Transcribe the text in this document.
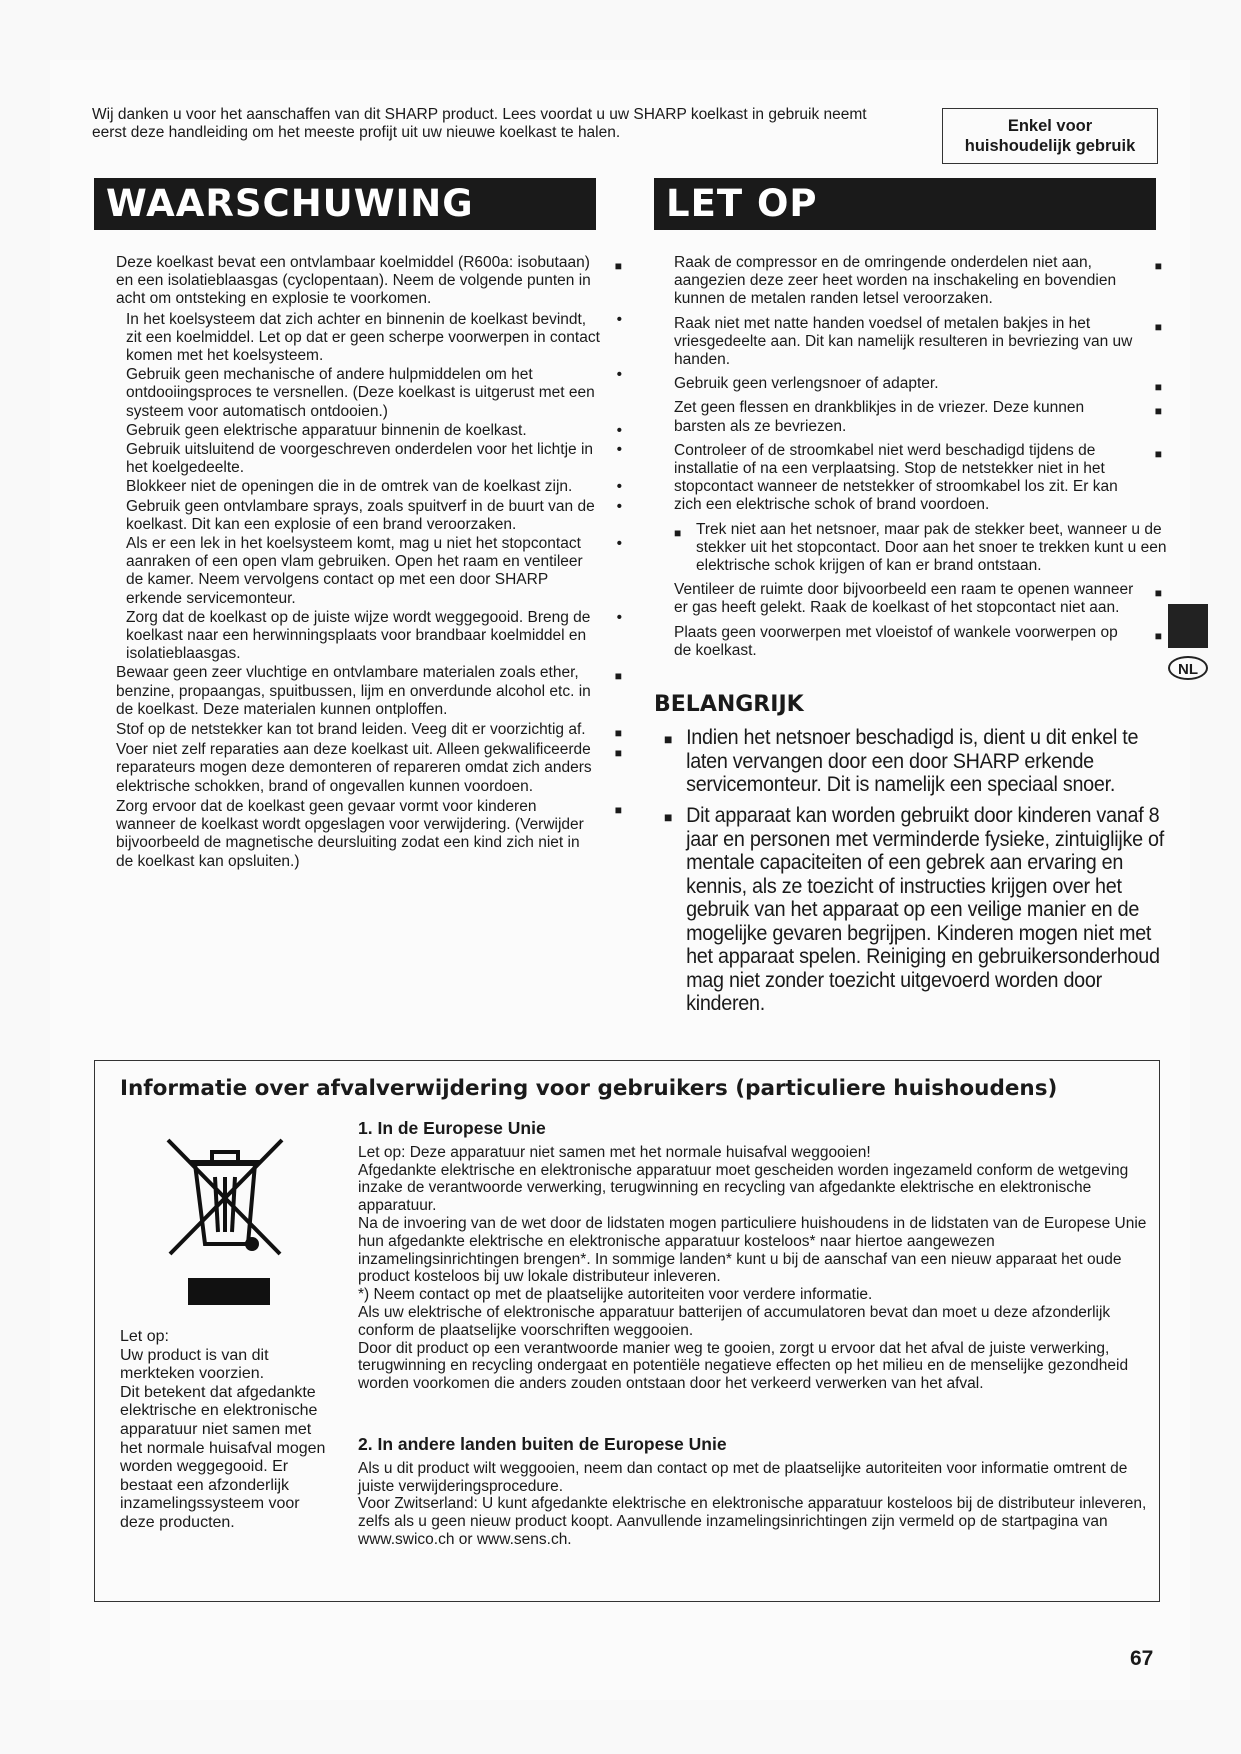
Wij danken u voor het aanschaffen van dit SHARP product. Lees voordat u uw SHARP koelkast in gebruik neemt eerst deze handleiding om het meeste profijt uit uw nieuwe koelkast te halen.	Enkel voor
huishoudelijk gebruik
WAARSCHUWING	LET OP
Deze koelkast bevat een ontvlambaar koelmiddel (R600a: isobutaan) en een isolatieblaasgas (cyclopentaan). Neem de volgende punten in acht om ontsteking en explosie te voorkomen.
■
In het koelsysteem dat zich achter en binnenin de koelkast bevindt, zit een koelmiddel. Let op dat er geen scherpe voorwerpen in contact komen met het koelsysteem.
•
Gebruik geen mechanische of andere hulpmiddelen om het ontdooiingsproces te versnellen. (Deze koelkast is uitgerust met een systeem voor automatisch ontdooien.)
•
Gebruik geen elektrische apparatuur binnenin de koelkast.	•
Gebruik uitsluitend de voorgeschreven onderdelen voor het lichtje in het koelgedeelte.
•
Blokkeer niet de openingen die in de omtrek van de koelkast zijn.	•
Gebruik geen ontvlambare sprays, zoals spuitverf in de buurt van de koelkast. Dit kan een explosie of een brand veroorzaken.
•
Als er een lek in het koelsysteem komt, mag u niet het stopcontact aanraken of een open vlam gebruiken. Open het raam en ventileer de kamer. Neem vervolgens contact op met een door SHARP erkende servicemonteur.
•
Zorg dat de koelkast op de juiste wijze wordt weggegooid. Breng de koelkast naar een herwinningsplaats voor brandbaar koelmiddel en isolatieblaasgas.
•
Bewaar geen zeer vluchtige en ontvlambare materialen zoals ether, benzine, propaangas, spuitbussen, lijm en onverdunde alcohol etc. in de koelkast. Deze materialen kunnen ontploffen.
■
Stof op de netstekker kan tot brand leiden. Veeg dit er voorzichtig af. ■
Voer niet zelf reparaties aan deze koelkast uit. Alleen gekwalificeerde reparateurs mogen deze demonteren of repareren omdat zich anders elektrische schokken, brand of ongevallen kunnen voordoen.
■
Zorg ervoor dat de koelkast geen gevaar vormt voor kinderen wanneer de koelkast wordt opgeslagen voor verwijdering. (Verwijder bijvoorbeeld de magnetische deursluiting zodat een kind zich niet in de koelkast kan opsluiten.)
■
Raak de compressor en de omringende onderdelen niet aan, aangezien deze zeer heet worden na inschakeling en bovendien kunnen de metalen randen letsel veroorzaken.
■
Raak niet met natte handen voedsel of metalen bakjes in het vriesgedeelte aan. Dit kan namelijk resulteren in bevriezing van uw handen.
■
Gebruik geen verlengsnoer of adapter.	■
Zet geen flessen en drankblikjes in de vriezer. Deze kunnen barsten als ze bevriezen.
■
Controleer of de stroomkabel niet werd beschadigd tijdens de installatie of na een verplaatsing. Stop de netstekker niet in het stopcontact wanneer de netstekker of stroomkabel los zit. Er kan zich een elektrische schok of brand voordoen.
■
■ Trek niet aan het netsnoer, maar pak de stekker beet, wanneer u de stekker uit het stopcontact. Door aan het snoer te trekken kunt u een elektrische schok krijgen of kan er brand ontstaan.
Ventileer de ruimte door bijvoorbeeld een raam te openen wanneer er gas heeft gelekt. Raak de koelkast of het stopcontact niet aan.
■
Plaats geen voorwerpen met vloeistof of wankele voorwerpen op de koelkast.
■
BELANGRIJK
■ Indien het netsnoer beschadigd is, dient u dit enkel te laten vervangen door een door SHARP erkende servicemonteur. Dit is namelijk een speciaal snoer.
■ Dit apparaat kan worden gebruikt door kinderen vanaf 8 jaar en personen met verminderde fysieke, zintuiglijke of mentale capaciteiten of een gebrek aan ervaring en kennis, als ze toezicht of instructies krijgen over het gebruik van het apparaat op een veilige manier en de mogelijke gevaren begrijpen. Kinderen mogen niet met het apparaat spelen. Reiniging en gebruikersonderhoud mag niet zonder toezicht uitgevoerd worden door kinderen.
NL
Informatie over afvalverwijdering voor gebruikers (particuliere huishoudens)
Let op:
Uw product is van dit merkteken voorzien.
Dit betekent dat afgedankte elektrische en elektronische apparatuur niet samen met het normale huisafval mogen worden weggegooid. Er bestaat een afzonderlijk inzamelingssysteem voor deze producten.
1. In de Europese Unie
Let op: Deze apparatuur niet samen met het normale huisafval weggooien!
Afgedankte elektrische en elektronische apparatuur moet gescheiden worden ingezameld conform de wetgeving inzake de verantwoorde verwerking, terugwinning en recycling van afgedankte elektrische en elektronische apparatuur.
Na de invoering van de wet door de lidstaten mogen particuliere huishoudens in de lidstaten van de Europese Unie hun afgedankte elektrische en elektronische apparatuur kosteloos* naar hiertoe aangewezen inzamelingsinrichtingen brengen*. In sommige landen* kunt u bij de aanschaf van een nieuw apparaat het oude product kosteloos bij uw lokale distributeur inleveren.
*) Neem contact op met de plaatselijke autoriteiten voor verdere informatie.
Als uw elektrische of elektronische apparatuur batterijen of accumulatoren bevat dan moet u deze afzonderlijk conform de plaatselijke voorschriften weggooien.
Door dit product op een verantwoorde manier weg te gooien, zorgt u ervoor dat het afval de juiste verwerking, terugwinning en recycling ondergaat en potentiële negatieve effecten op het milieu en de menselijke gezondheid worden voorkomen die anders zouden ontstaan door het verkeerd verwerken van het afval.
2. In andere landen buiten de Europese Unie
Als u dit product wilt weggooien, neem dan contact op met de plaatselijke autoriteiten voor informatie omtrent de juiste verwijderingsprocedure.
Voor Zwitserland: U kunt afgedankte elektrische en elektronische apparatuur kosteloos bij de distributeur inleveren, zelfs als u geen nieuw product koopt. Aanvullende inzamelingsinrichtingen zijn vermeld op de startpagina van www.swico.ch or www.sens.ch.
67
